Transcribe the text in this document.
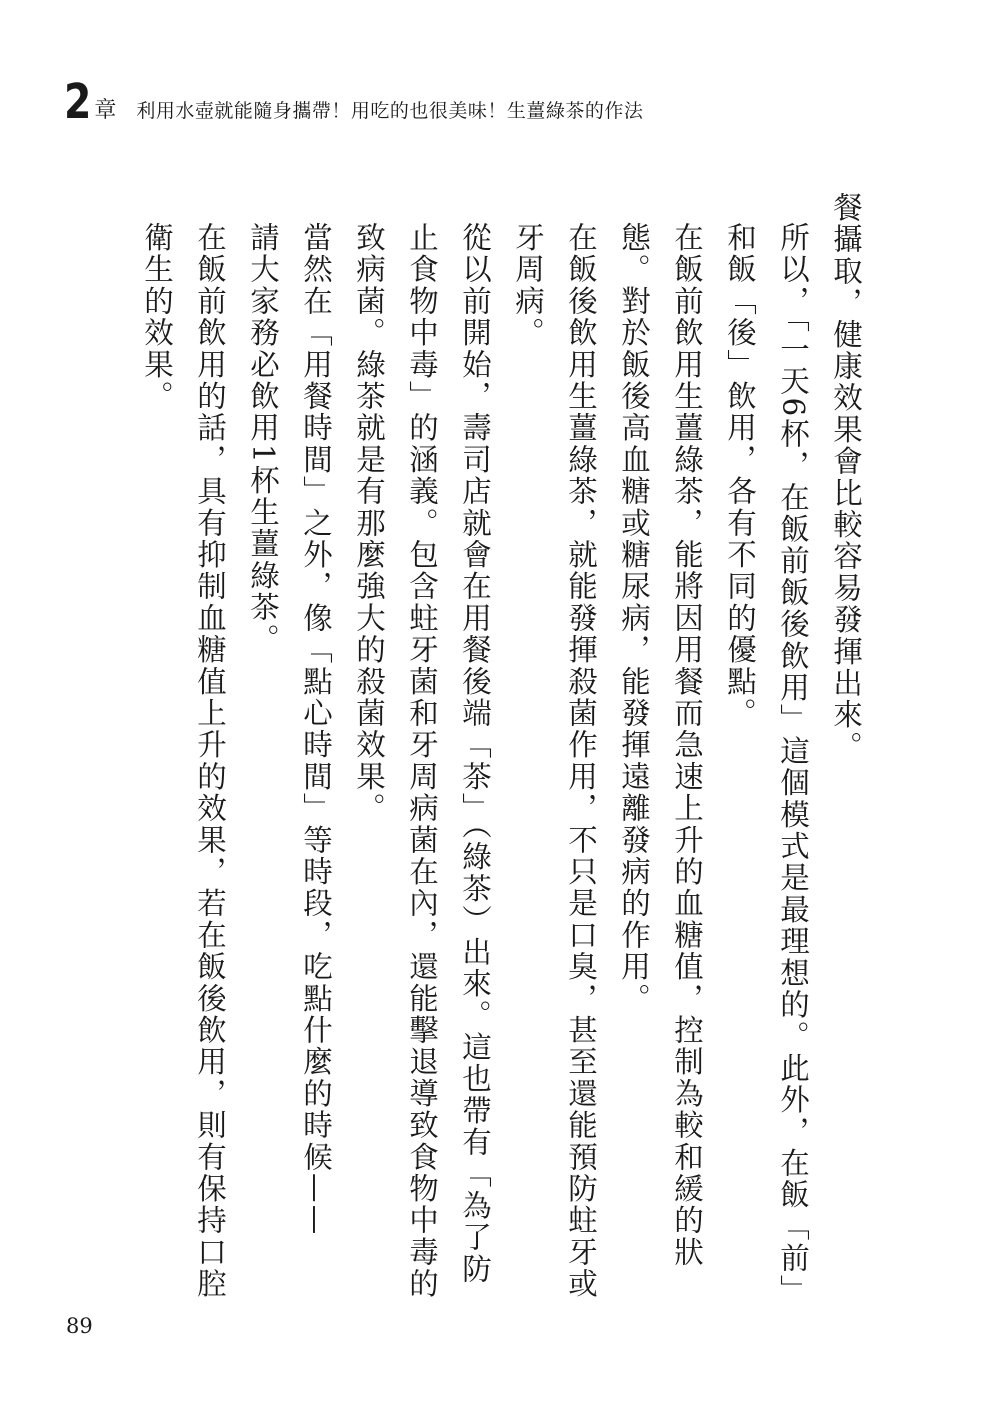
2 章 利用水壺就能隨身攜帶！用吃的也很美味！生薑綠茶的作法

餐攝取，健康效果會比較容易發揮出來。

所以，「一天6杯，在飯前飯後飲用」這個模式是最理想的。此外，在飯「前」和飯「後」飲用，各有不同的優點。

在飯前飲用生薑綠茶，能將因用餐而急速上升的血糖值，控制為較和緩的狀態。對於飯後高血糖或糖尿病，能發揮遠離發病的作用。

在飯後飲用生薑綠茶，就能發揮殺菌作用，不只是口臭，甚至還能預防蛀牙或牙周病。

從以前開始，壽司店就會在用餐後端「茶」（綠茶）出來。這也帶有「為了防止食物中毒」的涵義。包含蛀牙菌和牙周病菌在內，還能擊退導致食物中毒的致病菌。綠茶就是有那麼強大的殺菌效果。

當然在「用餐時間」之外，像「點心時間」等時段，吃點什麼的時候——

請大家務必飲用1杯生薑綠茶。

在飯前飲用的話，具有抑制血糖值上升的效果，若在飯後飲用，則有保持口腔衛生的效果。

89
